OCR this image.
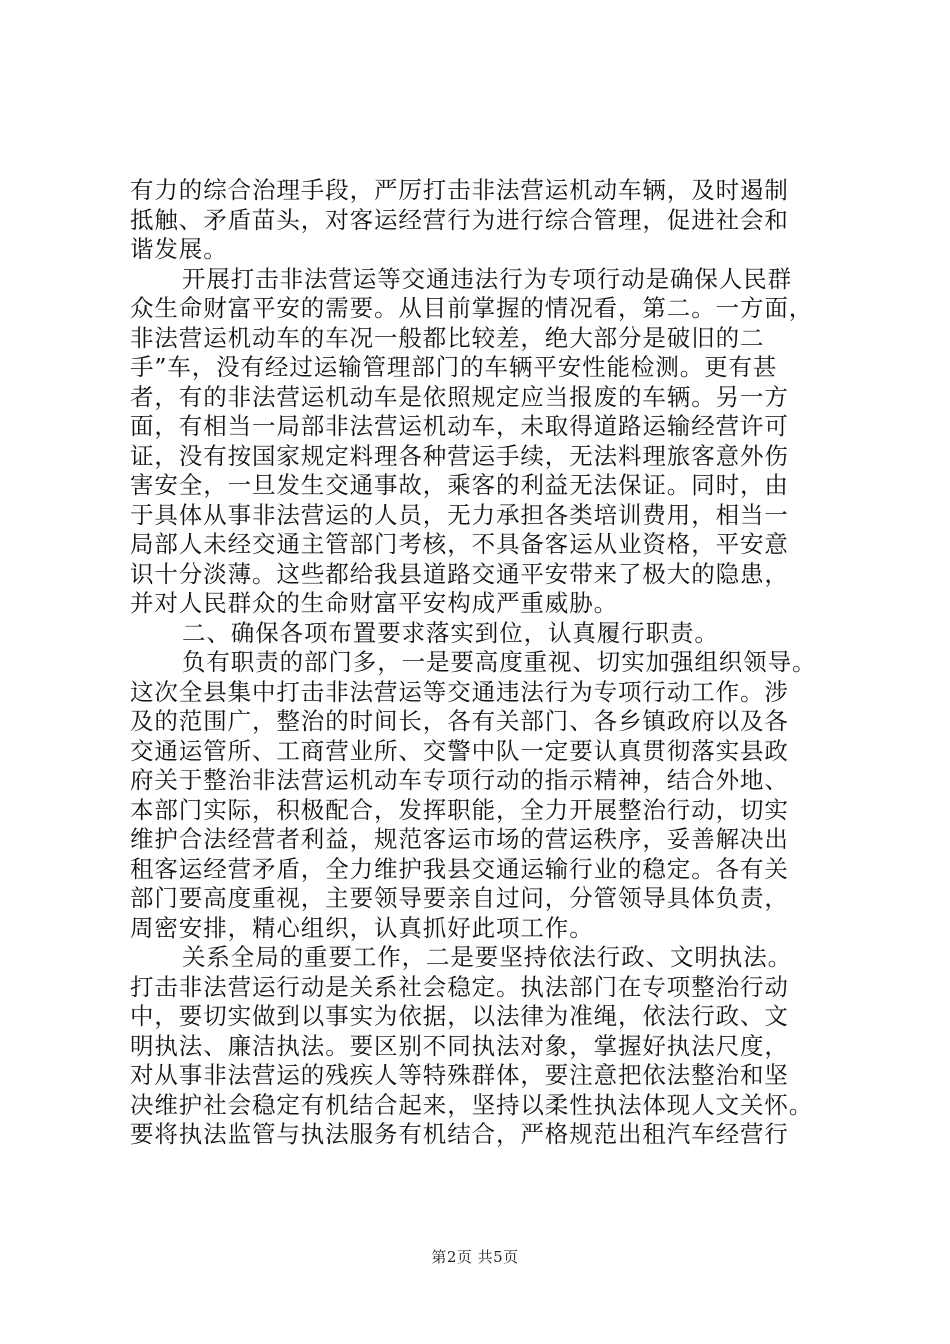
有力的综合治理手段，严厉打击非法营运机动车辆，及时遏制
抵触、矛盾苗头，对客运经营行为进行综合管理，促进社会和
谐发展。
开展打击非法营运等交通违法行为专项行动是确保人民群
众生命财富平安的需要。从目前掌握的情况看，第二。一方面，
非法营运机动车的车况一般都比较差，绝大部分是破旧的二
手”车，没有经过运输管理部门的车辆平安性能检测。更有甚
者，有的非法营运机动车是依照规定应当报废的车辆。另一方
面，有相当一局部非法营运机动车，未取得道路运输经营许可
证，没有按国家规定料理各种营运手续，无法料理旅客意外伤
害安全，一旦发生交通事故，乘客的利益无法保证。同时，由
于具体从事非法营运的人员，无力承担各类培训费用，相当一
局部人未经交通主管部门考核，不具备客运从业资格，平安意
识十分淡薄。这些都给我县道路交通平安带来了极大的隐患，
并对人民群众的生命财富平安构成严重威胁。
二、确保各项布置要求落实到位，认真履行职责。
负有职责的部门多，一是要高度重视、切实加强组织领导。
这次全县集中打击非法营运等交通违法行为专项行动工作。涉
及的范围广，整治的时间长，各有关部门、各乡镇政府以及各
交通运管所、工商营业所、交警中队一定要认真贯彻落实县政
府关于整治非法营运机动车专项行动的指示精神，结合外地、
本部门实际，积极配合，发挥职能，全力开展整治行动，切实
维护合法经营者利益，规范客运市场的营运秩序，妥善解决出
租客运经营矛盾，全力维护我县交通运输行业的稳定。各有关
部门要高度重视，主要领导要亲自过问，分管领导具体负责，
周密安排，精心组织，认真抓好此项工作。
关系全局的重要工作，二是要坚持依法行政、文明执法。
打击非法营运行动是关系社会稳定。执法部门在专项整治行动
中，要切实做到以事实为依据，以法律为准绳，依法行政、文
明执法、廉洁执法。要区别不同执法对象，掌握好执法尺度，
对从事非法营运的残疾人等特殊群体，要注意把依法整治和坚
决维护社会稳定有机结合起来，坚持以柔性执法体现人文关怀。
要将执法监管与执法服务有机结合，严格规范出租汽车经营行
第2页 共5页
